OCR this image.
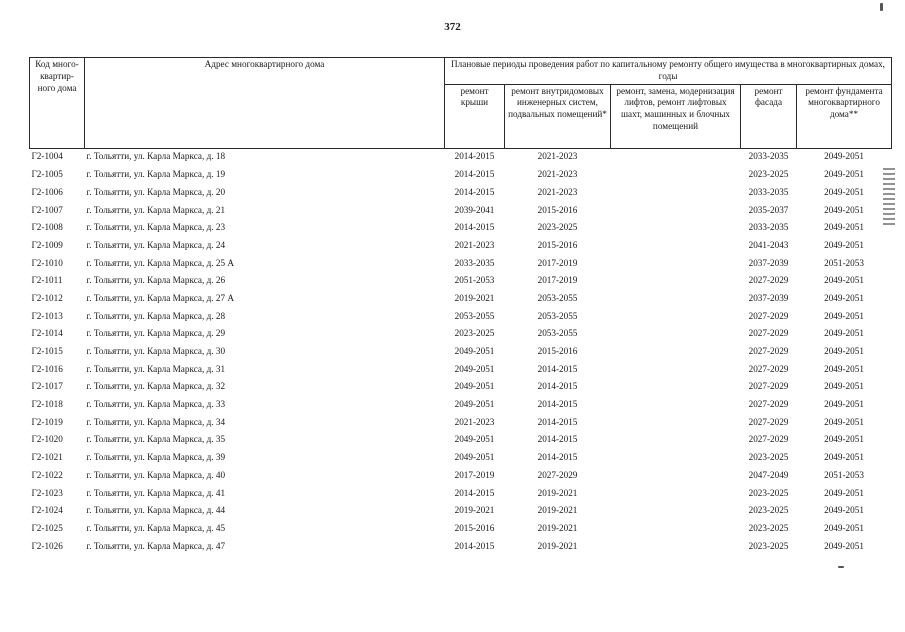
372
Код много-квартир-ного дома	Адрес многоквартирного дома	Плановые периоды проведения работ по капитальному ремонту общего имущества в многоквартирных домах, годы				
		ремонт крыши	ремонт внутридомовых инженерных систем, подвальных помещений*	ремонт, замена, модернизация лифтов, ремонт лифтовых шахт, машинных и блочных помещений	ремонт фасада	ремонт фундамента многоквартирного дома**
Г2-1004	г. Тольятти, ул. Карла Маркса, д. 18	2014-2015	2021-2023		2033-2035	2049-2051
Г2-1005	г. Тольятти, ул. Карла Маркса, д. 19	2014-2015	2021-2023		2023-2025	2049-2051
Г2-1006	г. Тольятти, ул. Карла Маркса, д. 20	2014-2015	2021-2023		2033-2035	2049-2051
Г2-1007	г. Тольятти, ул. Карла Маркса, д. 21	2039-2041	2015-2016		2035-2037	2049-2051
Г2-1008	г. Тольятти, ул. Карла Маркса, д. 23	2014-2015	2023-2025		2033-2035	2049-2051
Г2-1009	г. Тольятти, ул. Карла Маркса, д. 24	2021-2023	2015-2016		2041-2043	2049-2051
Г2-1010	г. Тольятти, ул. Карла Маркса, д. 25 А	2033-2035	2017-2019		2037-2039	2051-2053
Г2-1011	г. Тольятти, ул. Карла Маркса, д. 26	2051-2053	2017-2019		2027-2029	2049-2051
Г2-1012	г. Тольятти, ул. Карла Маркса, д. 27 А	2019-2021	2053-2055		2037-2039	2049-2051
Г2-1013	г. Тольятти, ул. Карла Маркса, д. 28	2053-2055	2053-2055		2027-2029	2049-2051
Г2-1014	г. Тольятти, ул. Карла Маркса, д. 29	2023-2025	2053-2055		2027-2029	2049-2051
Г2-1015	г. Тольятти, ул. Карла Маркса, д. 30	2049-2051	2015-2016		2027-2029	2049-2051
Г2-1016	г. Тольятти, ул. Карла Маркса, д. 31	2049-2051	2014-2015		2027-2029	2049-2051
Г2-1017	г. Тольятти, ул. Карла Маркса, д. 32	2049-2051	2014-2015		2027-2029	2049-2051
Г2-1018	г. Тольятти, ул. Карла Маркса, д. 33	2049-2051	2014-2015		2027-2029	2049-2051
Г2-1019	г. Тольятти, ул. Карла Маркса, д. 34	2021-2023	2014-2015		2027-2029	2049-2051
Г2-1020	г. Тольятти, ул. Карла Маркса, д. 35	2049-2051	2014-2015		2027-2029	2049-2051
Г2-1021	г. Тольятти, ул. Карла Маркса, д. 39	2049-2051	2014-2015		2023-2025	2049-2051
Г2-1022	г. Тольятти, ул. Карла Маркса, д. 40	2017-2019	2027-2029		2047-2049	2051-2053
Г2-1023	г. Тольятти, ул. Карла Маркса, д. 41	2014-2015	2019-2021		2023-2025	2049-2051
Г2-1024	г. Тольятти, ул. Карла Маркса, д. 44	2019-2021	2019-2021		2023-2025	2049-2051
Г2-1025	г. Тольятти, ул. Карла Маркса, д. 45	2015-2016	2019-2021		2023-2025	2049-2051
Г2-1026	г. Тольятти, ул. Карла Маркса, д. 47	2014-2015	2019-2021		2023-2025	2049-2051
